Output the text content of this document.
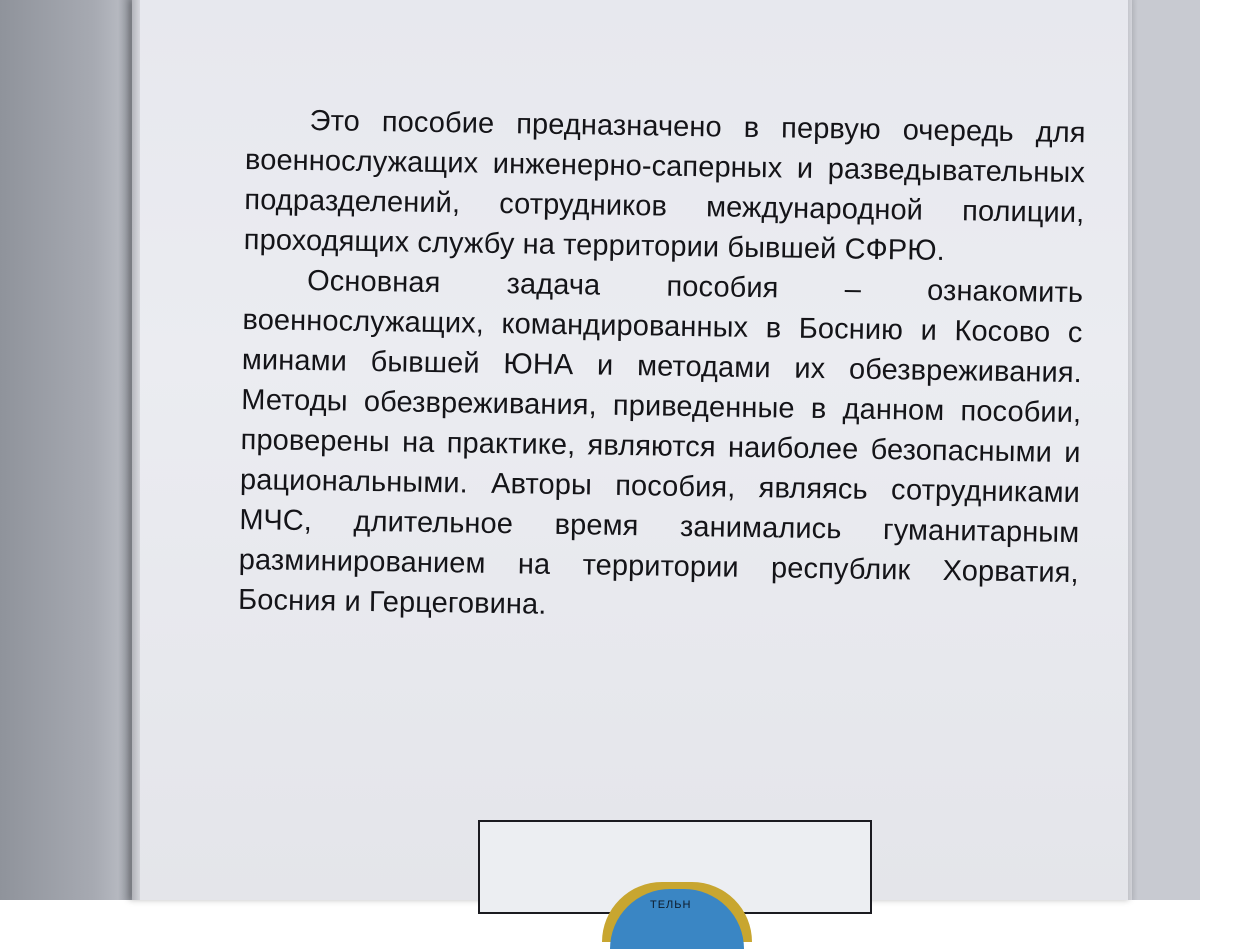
Это пособие предназначено в первую очередь для военнослужащих инженерно-саперных и разведывательных подразделений, сотрудников международной полиции, проходящих службу на территории бывшей СФРЮ.

Основная задача пособия – ознакомить военнослужащих, командированных в Боснию и Косово с минами бывшей ЮНА и методами их обезвреживания. Методы обезвреживания, приведенные в данном пособии, проверены на практике, являются наиболее безопасными и рациональными. Авторы пособия, являясь сотрудниками МЧС, длительное время занимались гуманитарным разминированием на территории республик Хорватия, Босния и Герцеговина.

ТЕЛЬН
